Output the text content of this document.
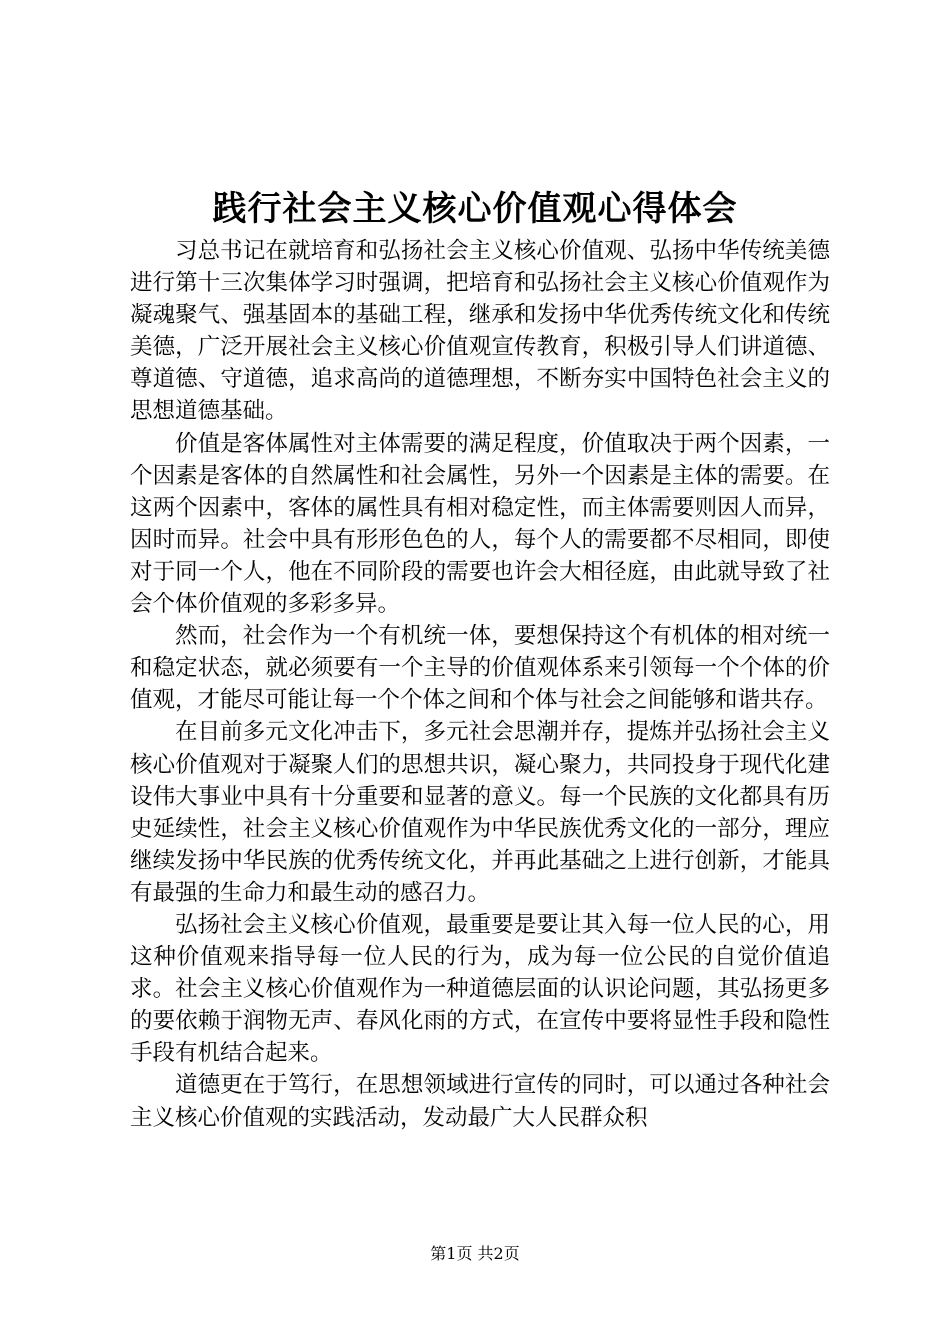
践行社会主义核心价值观心得体会

习总书记在就培育和弘扬社会主义核心价值观、弘扬中华传统美德进行第十三次集体学习时强调，把培育和弘扬社会主义核心价值观作为凝魂聚气、强基固本的基础工程，继承和发扬中华优秀传统文化和传统美德，广泛开展社会主义核心价值观宣传教育，积极引导人们讲道德、尊道德、守道德，追求高尚的道德理想，不断夯实中国特色社会主义的思想道德基础。

价值是客体属性对主体需要的满足程度，价值取决于两个因素，一个因素是客体的自然属性和社会属性，另外一个因素是主体的需要。在这两个因素中，客体的属性具有相对稳定性，而主体需要则因人而异，因时而异。社会中具有形形色色的人，每个人的需要都不尽相同，即使对于同一个人，他在不同阶段的需要也许会大相径庭，由此就导致了社会个体价值观的多彩多异。

然而，社会作为一个有机统一体，要想保持这个有机体的相对统一和稳定状态，就必须要有一个主导的价值观体系来引领每一个个体的价值观，才能尽可能让每一个个体之间和个体与社会之间能够和谐共存。

在目前多元文化冲击下，多元社会思潮并存，提炼并弘扬社会主义核心价值观对于凝聚人们的思想共识，凝心聚力，共同投身于现代化建设伟大事业中具有十分重要和显著的意义。每一个民族的文化都具有历史延续性，社会主义核心价值观作为中华民族优秀文化的一部分，理应继续发扬中华民族的优秀传统文化，并再此基础之上进行创新，才能具有最强的生命力和最生动的感召力。

弘扬社会主义核心价值观，最重要是要让其入每一位人民的心，用这种价值观来指导每一位人民的行为，成为每一位公民的自觉价值追求。社会主义核心价值观作为一种道德层面的认识论问题，其弘扬更多的要依赖于润物无声、春风化雨的方式，在宣传中要将显性手段和隐性手段有机结合起来。

道德更在于笃行，在思想领域进行宣传的同时，可以通过各种社会主义核心价值观的实践活动，发动最广大人民群众积

第1页 共2页
